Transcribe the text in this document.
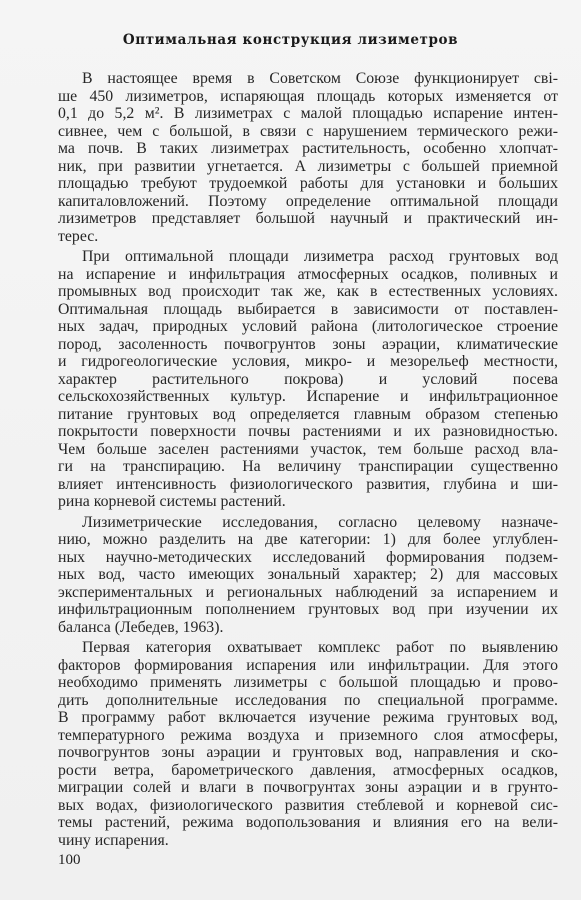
Оптимальная конструкция лизиметров
В настоящее время в Советском Союзе функционирует сві-
ше 450 лизиметров, испаряющая площадь которых изменяется от
0,1 до 5,2 м². В лизиметрах с малой площадью испарение интен-
сивнее, чем с большой, в связи с нарушением термического режи-
ма почв. В таких лизиметрах растительность, особенно хлопчат-
ник, при развитии угнетается. А лизиметры с большей приемной
площадью требуют трудоемкой работы для установки и больших
капиталовложений. Поэтому определение оптимальной площади
лизиметров представляет большой научный и практический ин-
терес.
При оптимальной площади лизиметра расход грунтовых вод
на испарение и инфильтрация атмосферных осадков, поливных и
промывных вод происходит так же, как в естественных условиях.
Оптимальная площадь выбирается в зависимости от поставлен-
ных задач, природных условий района (литологическое строение
пород, засоленность почвогрунтов зоны аэрации, климатические
и гидрогеологические условия, микро- и мезорельеф местности,
характер растительного покрова) и условий посева
сельскохозяйственных культур. Испарение и инфильтрационное
питание грунтовых вод определяется главным образом степенью
покрытости поверхности почвы растениями и их разновидностью.
Чем больше заселен растениями участок, тем больше расход вла-
ги на транспирацию. На величину транспирации существенно
влияет интенсивность физиологического развития, глубина и ши-
рина корневой системы растений.
Лизиметрические исследования, согласно целевому назначе-
нию, можно разделить на две категории: 1) для более углублен-
ных научно-методических исследований формирования подзем-
ных вод, часто имеющих зональный характер; 2) для массовых
экспериментальных и региональных наблюдений за испарением и
инфильтрационным пополнением грунтовых вод при изучении их
баланса (Лебедев, 1963).
Первая категория охватывает комплекс работ по выявлению
факторов формирования испарения или инфильтрации. Для этого
необходимо применять лизиметры с большой площадью и прово-
дить дополнительные исследования по специальной программе.
В программу работ включается изучение режима грунтовых вод,
температурного режима воздуха и приземного слоя атмосферы,
почвогрунтов зоны аэрации и грунтовых вод, направления и ско-
рости ветра, барометрического давления, атмосферных осадков,
миграции солей и влаги в почвогрунтах зоны аэрации и в грунто-
вых водах, физиологического развития стеблевой и корневой сис-
темы растений, режима водопользования и влияния его на вели-
чину испарения.
100
